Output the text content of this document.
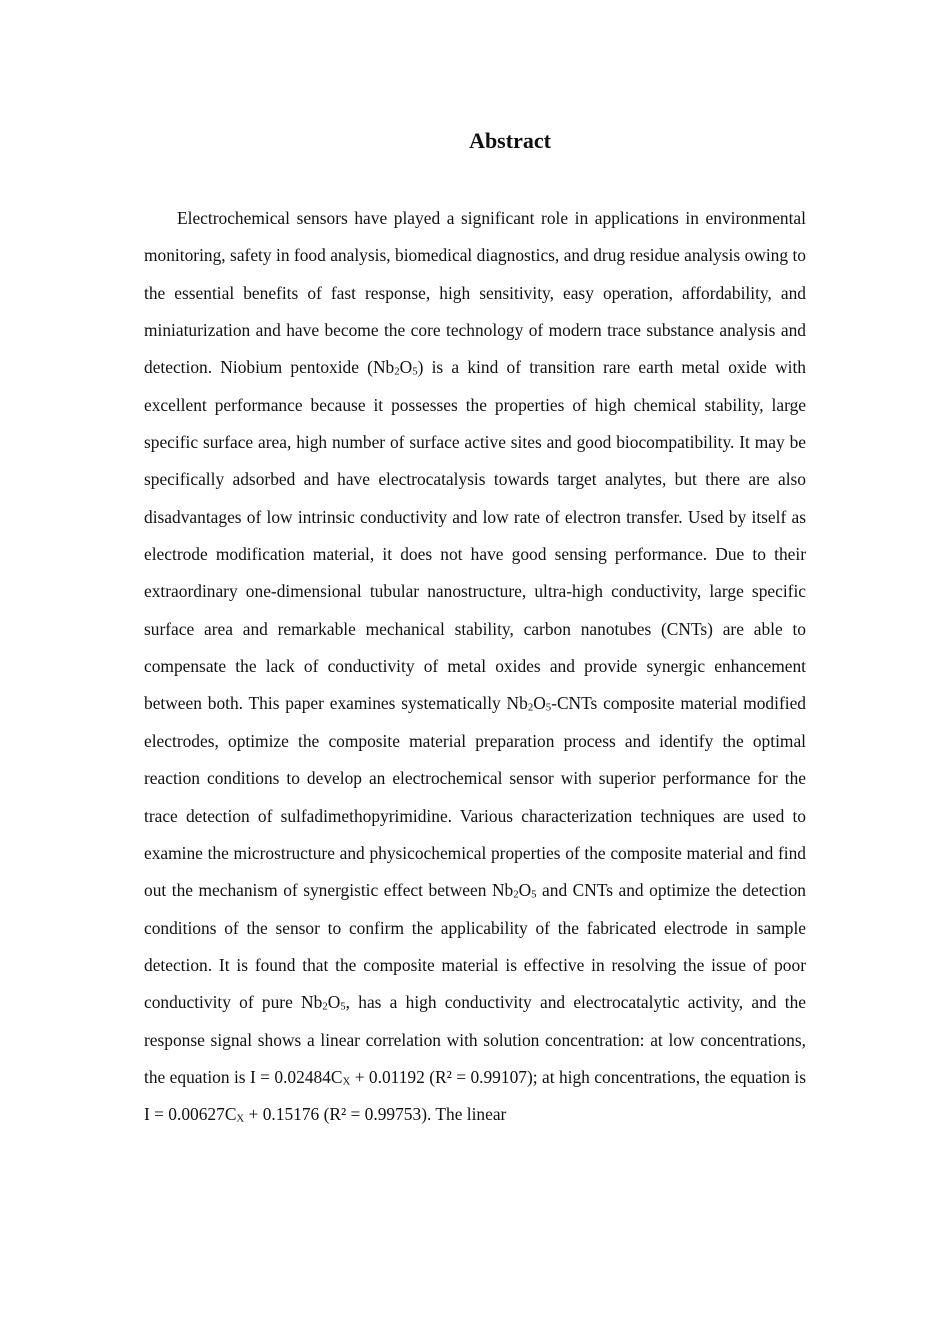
Abstract

Electrochemical sensors have played a significant role in applications in environmental monitoring, safety in food analysis, biomedical diagnostics, and drug residue analysis owing to the essential benefits of fast response, high sensitivity, easy operation, affordability, and miniaturization and have become the core technology of modern trace substance analysis and detection. Niobium pentoxide $(Nb_2O_5)$ is a kind of transition rare earth metal oxide with excellent performance because it possesses the properties of high chemical stability, large specific surface area, high number of surface active sites and good biocompatibility. It may be specifically adsorbed and have electrocatalysis towards target analytes, but there are also disadvantages of low intrinsic conductivity and low rate of electron transfer. Used by itself as electrode modification material, it does not have good sensing performance. Due to their extraordinary one-dimensional tubular nanostructure, ultra-high conductivity, large specific surface area and remarkable mechanical stability, carbon nanotubes (CNTs) are able to compensate the lack of conductivity of metal oxides and provide synergic enhancement between both. This paper examines systematically $Nb_2O_5$-CNTs composite material modified electrodes, optimize the composite material preparation process and identify the optimal reaction conditions to develop an electrochemical sensor with superior performance for the trace detection of sulfadimethopyrimidine. Various characterization techniques are used to examine the microstructure and physicochemical properties of the composite material and find out the mechanism of synergistic effect between $Nb_2O_5$ and CNTs and optimize the detection conditions of the sensor to confirm the applicability of the fabricated electrode in sample detection. It is found that the composite material is effective in resolving the issue of poor conductivity of pure $Nb_2O_5$, has a high conductivity and electrocatalytic activity, and the response signal shows a linear correlation with solution concentration: at low concentrations, the equation is $I = 0.02484C_X + 0.01192$ (R² = 0.99107); at high concentrations, the equation is $I = 0.00627C_X + 0.15176$ (R² = 0.99753). The linear
